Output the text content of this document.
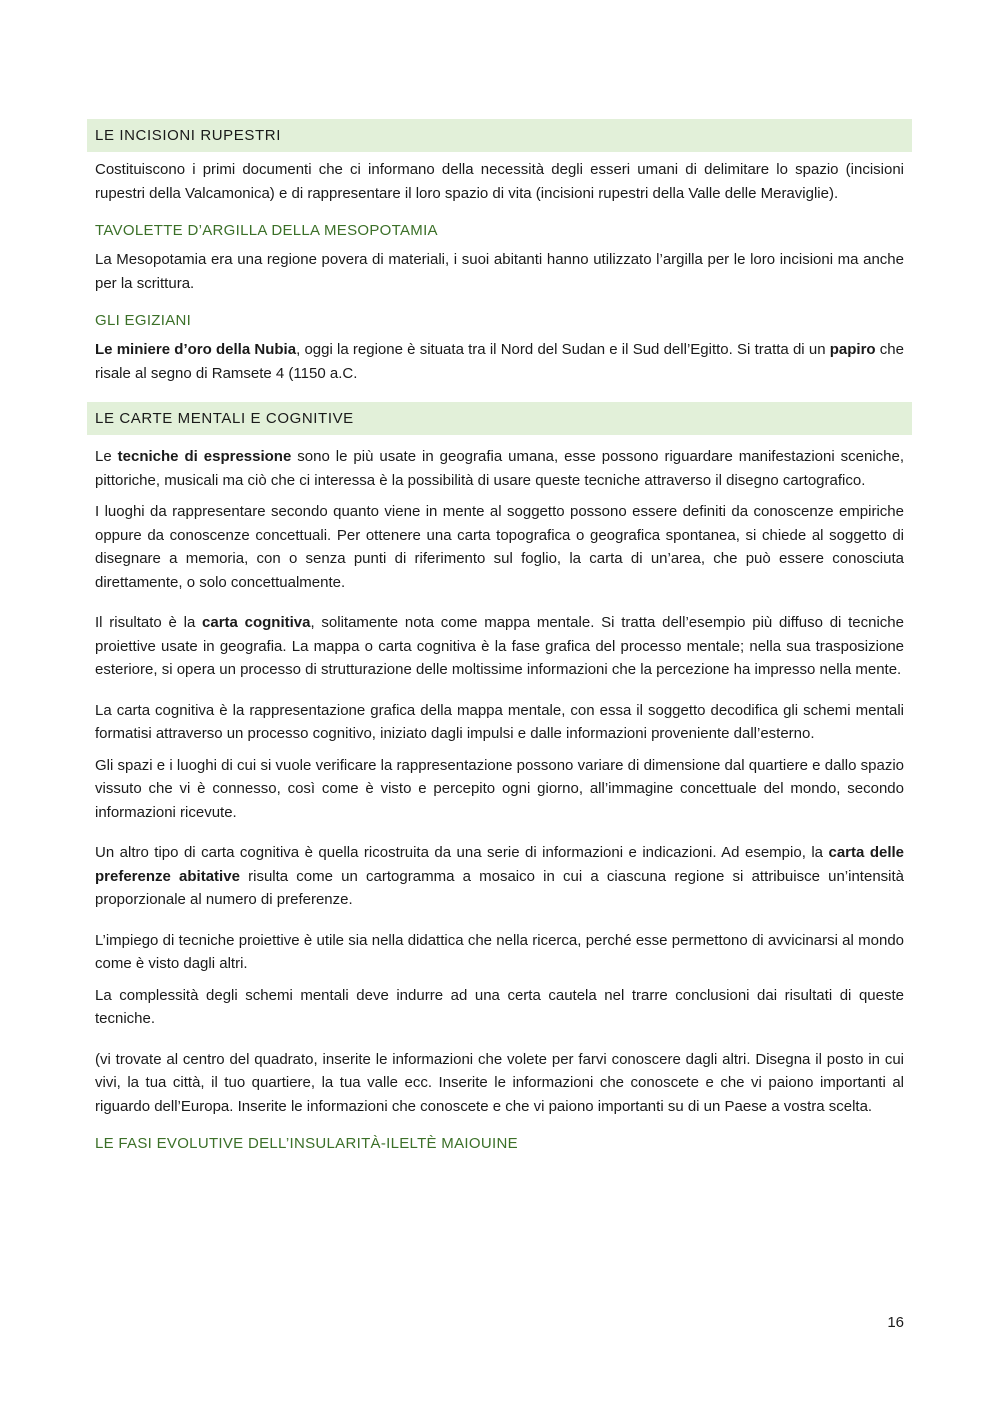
LE INCISIONI RUPESTRI

Costituiscono i primi documenti che ci informano della necessità degli esseri umani di delimitare lo spazio (incisioni rupestri della Valcamonica) e di rappresentare il loro spazio di vita (incisioni rupestri della Valle delle Meraviglie).

TAVOLETTE D’ARGILLA DELLA MESOPOTAMIA

La Mesopotamia era una regione povera di materiali, i suoi abitanti hanno utilizzato l’argilla per le loro incisioni ma anche per la scrittura.

GLI EGIZIANI

Le miniere d’oro della Nubia, oggi la regione è situata tra il Nord del Sudan e il Sud dell’Egitto. Si tratta di un papiro che risale al segno di Ramsete 4 (1150 a.C.

LE CARTE MENTALI E COGNITIVE

Le tecniche di espressione sono le più usate in geografia umana, esse possono riguardare manifestazioni sceniche, pittoriche, musicali ma ciò che ci interessa è la possibilità di usare queste tecniche attraverso il disegno cartografico.

I luoghi da rappresentare secondo quanto viene in mente al soggetto possono essere definiti da conoscenze empiriche oppure da conoscenze concettuali. Per ottenere una carta topografica o geografica spontanea, si chiede al soggetto di disegnare a memoria, con o senza punti di riferimento sul foglio, la carta di un’area, che può essere conosciuta direttamente, o solo concettualmente.

Il risultato è la carta cognitiva, solitamente nota come mappa mentale. Si tratta dell’esempio più diffuso di tecniche proiettive usate in geografia. La mappa o carta cognitiva è la fase grafica del processo mentale; nella sua trasposizione esteriore, si opera un processo di strutturazione delle moltissime informazioni che la percezione ha impresso nella mente.

La carta cognitiva è la rappresentazione grafica della mappa mentale, con essa il soggetto decodifica gli schemi mentali formatisi attraverso un processo cognitivo, iniziato dagli impulsi e dalle informazioni proveniente dall’esterno.

Gli spazi e i luoghi di cui si vuole verificare la rappresentazione possono variare di dimensione dal quartiere e dallo spazio vissuto che vi è connesso, così come è visto e percepito ogni giorno, all’immagine concettuale del mondo, secondo informazioni ricevute.

Un altro tipo di carta cognitiva è quella ricostruita da una serie di informazioni e indicazioni. Ad esempio, la carta delle preferenze abitative risulta come un cartogramma a mosaico in cui a ciascuna regione si attribuisce un’intensità proporzionale al numero di preferenze.

L’impiego di tecniche proiettive è utile sia nella didattica che nella ricerca, perché esse permettono di avvicinarsi al mondo come è visto dagli altri.

La complessità degli schemi mentali deve indurre ad una certa cautela nel trarre conclusioni dai risultati di queste tecniche.

(vi trovate al centro del quadrato, inserite le informazioni che volete per farvi conoscere dagli altri. Disegna il posto in cui vivi, la tua città, il tuo quartiere, la tua valle ecc. Inserite le informazioni che conoscete e che vi paiono importanti al riguardo dell’Europa. Inserite le informazioni che conoscete e che vi paiono importanti su di un Paese a vostra scelta.

LE FASI EVOLUTIVE DELL’INSULARITÀ-ILELTÈ MAIOUINE

16
